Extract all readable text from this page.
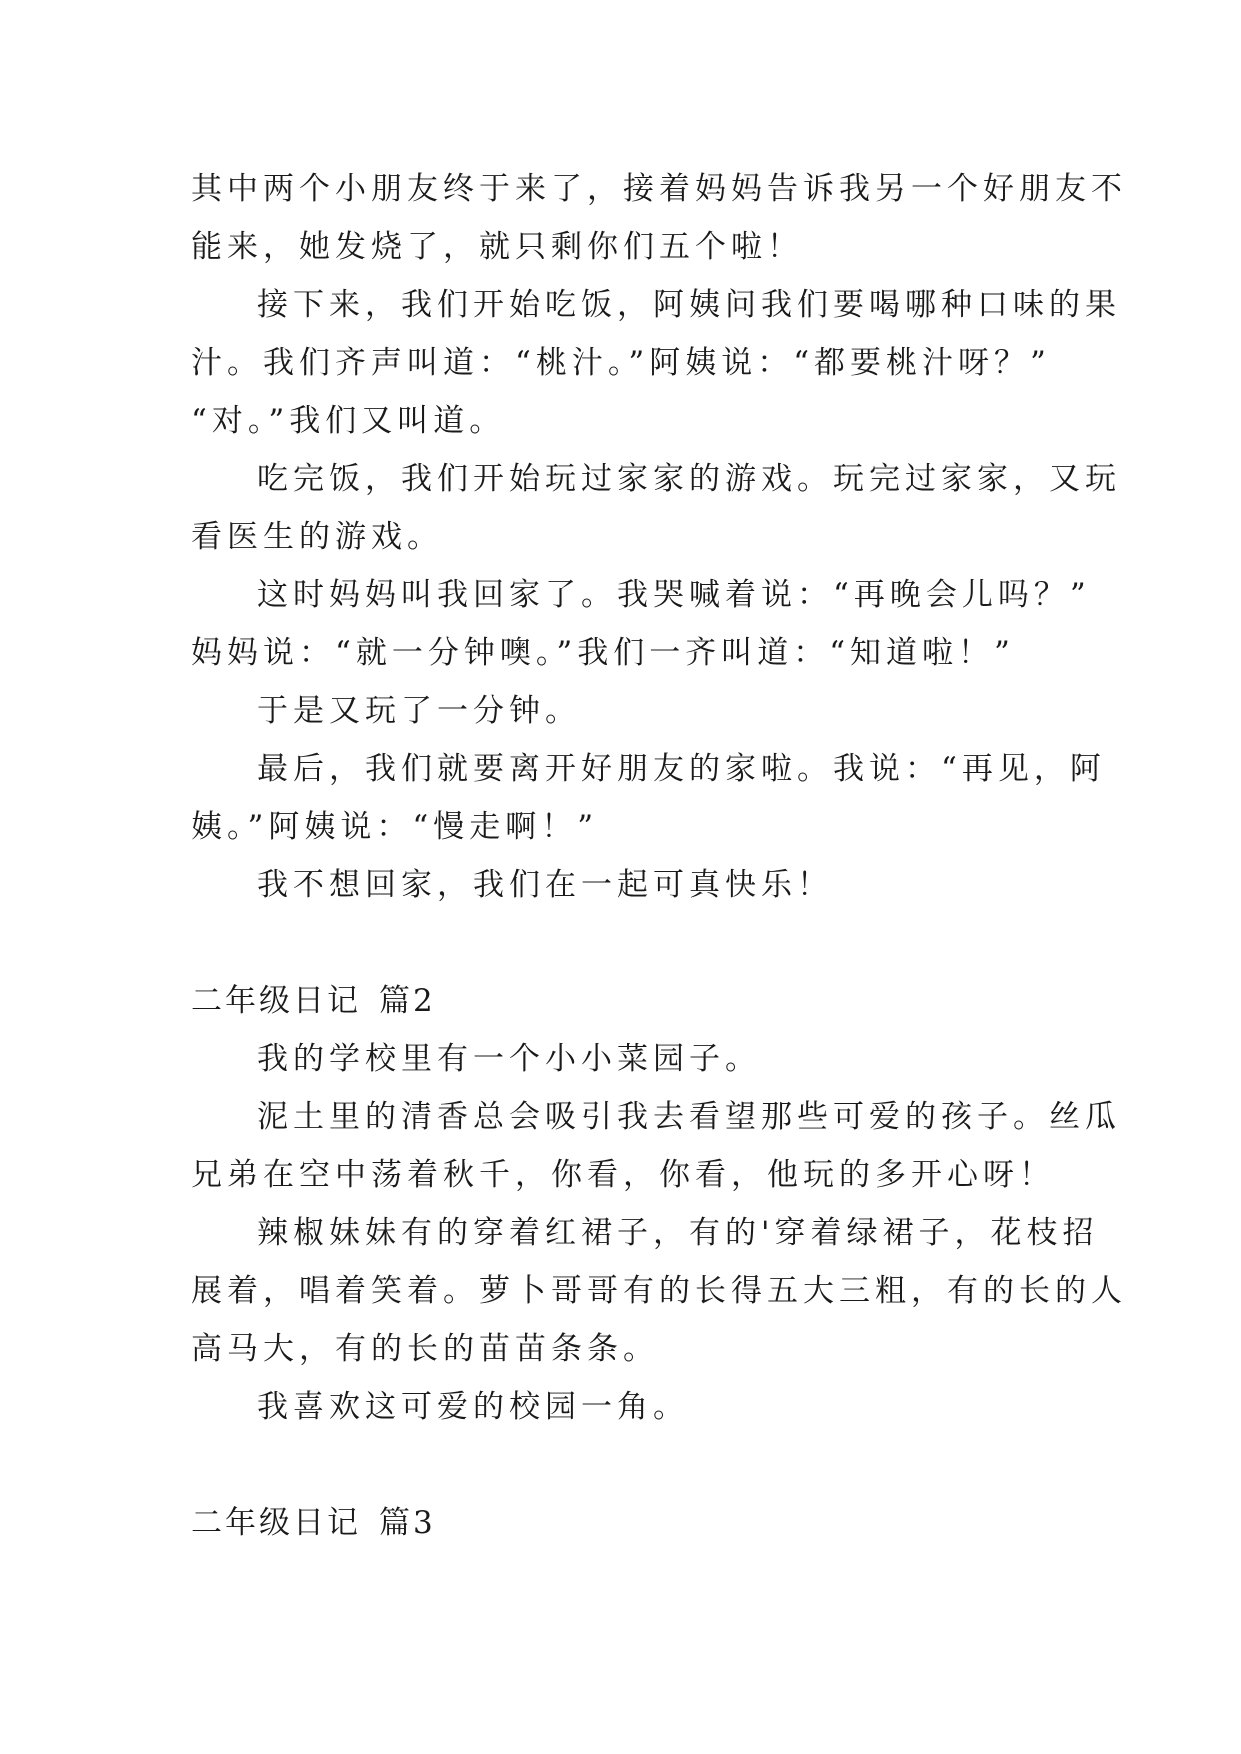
其中两个小朋友终于来了，接着妈妈告诉我另一个好朋友不
能来，她发烧了，就只剩你们五个啦！
接下来，我们开始吃饭，阿姨问我们要喝哪种口味的果
汁。我们齐声叫道：“桃汁。”阿姨说：“都要桃汁呀？”
“对。”我们又叫道。
吃完饭，我们开始玩过家家的游戏。玩完过家家，又玩
看医生的游戏。
这时妈妈叫我回家了。我哭喊着说：“再晚会儿吗？”
妈妈说：“就一分钟噢。”我们一齐叫道：“知道啦！”
于是又玩了一分钟。
最后，我们就要离开好朋友的家啦。我说：“再见，阿
姨。”阿姨说：“慢走啊！”
我不想回家，我们在一起可真快乐！
二年级日记 篇2
我的学校里有一个小小菜园子。
泥土里的清香总会吸引我去看望那些可爱的孩子。丝瓜
兄弟在空中荡着秋千，你看，你看，他玩的多开心呀！
辣椒妹妹有的穿着红裙子，有的'穿着绿裙子，花枝招
展着，唱着笑着。萝卜哥哥有的长得五大三粗，有的长的人
高马大，有的长的苗苗条条。
我喜欢这可爱的校园一角。
二年级日记 篇3
